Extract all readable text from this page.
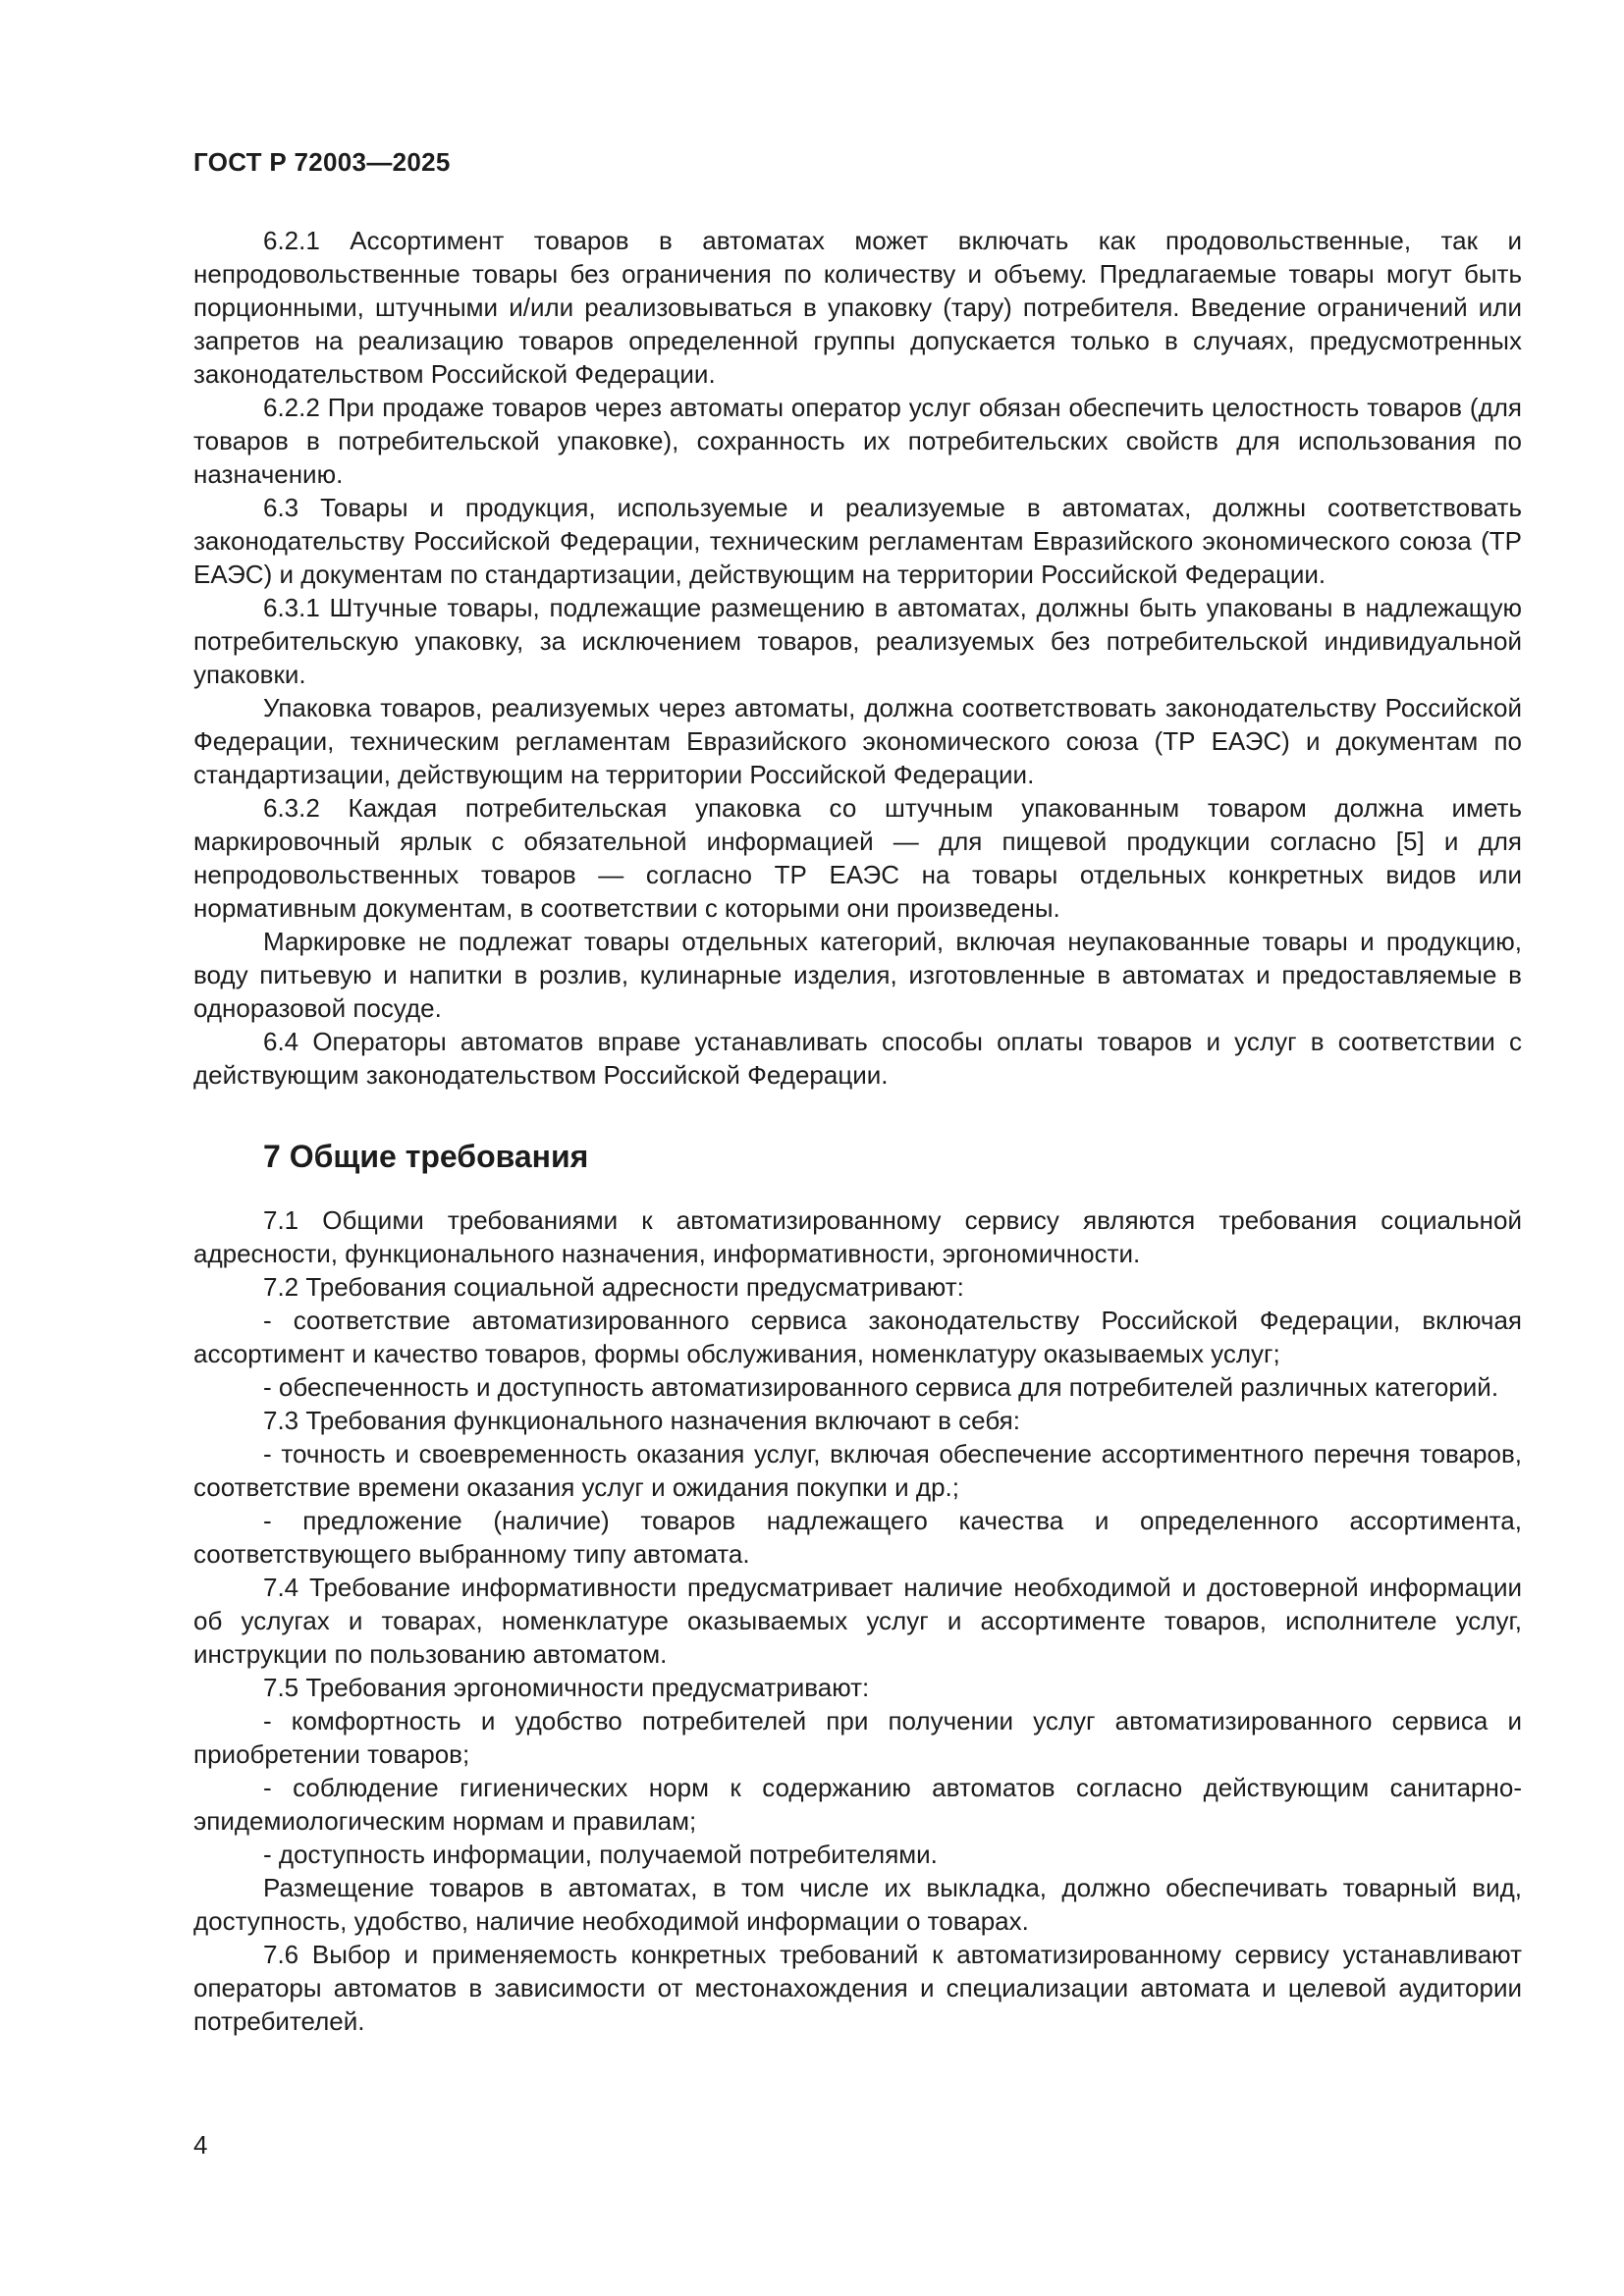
ГОСТ Р 72003—2025

6.2.1 Ассортимент товаров в автоматах может включать как продовольственные, так и непродовольственные товары без ограничения по количеству и объему. Предлагаемые товары могут быть порционными, штучными и/или реализовываться в упаковку (тару) потребителя. Введение ограничений или запретов на реализацию товаров определенной группы допускается только в случаях, предусмотренных законодательством Российской Федерации.

6.2.2 При продаже товаров через автоматы оператор услуг обязан обеспечить целостность товаров (для товаров в потребительской упаковке), сохранность их потребительских свойств для использования по назначению.

6.3 Товары и продукция, используемые и реализуемые в автоматах, должны соответствовать законодательству Российской Федерации, техническим регламентам Евразийского экономического союза (ТР ЕАЭС) и документам по стандартизации, действующим на территории Российской Федерации.

6.3.1 Штучные товары, подлежащие размещению в автоматах, должны быть упакованы в надлежащую потребительскую упаковку, за исключением товаров, реализуемых без потребительской индивидуальной упаковки.

Упаковка товаров, реализуемых через автоматы, должна соответствовать законодательству Российской Федерации, техническим регламентам Евразийского экономического союза (ТР ЕАЭС) и документам по стандартизации, действующим на территории Российской Федерации.

6.3.2 Каждая потребительская упаковка со штучным упакованным товаром должна иметь маркировочный ярлык с обязательной информацией — для пищевой продукции согласно [5] и для непродовольственных товаров — согласно ТР ЕАЭС на товары отдельных конкретных видов или нормативным документам, в соответствии с которыми они произведены.

Маркировке не подлежат товары отдельных категорий, включая неупакованные товары и продукцию, воду питьевую и напитки в розлив, кулинарные изделия, изготовленные в автоматах и предоставляемые в одноразовой посуде.

6.4 Операторы автоматов вправе устанавливать способы оплаты товаров и услуг в соответствии с действующим законодательством Российской Федерации.

7 Общие требования

7.1 Общими требованиями к автоматизированному сервису являются требования социальной адресности, функционального назначения, информативности, эргономичности.

7.2 Требования социальной адресности предусматривают:

- соответствие автоматизированного сервиса законодательству Российской Федерации, включая ассортимент и качество товаров, формы обслуживания, номенклатуру оказываемых услуг;

- обеспеченность и доступность автоматизированного сервиса для потребителей различных категорий.

7.3 Требования функционального назначения включают в себя:

- точность и своевременность оказания услуг, включая обеспечение ассортиментного перечня товаров, соответствие времени оказания услуг и ожидания покупки и др.;

- предложение (наличие) товаров надлежащего качества и определенного ассортимента, соответствующего выбранному типу автомата.

7.4 Требование информативности предусматривает наличие необходимой и достоверной информации об услугах и товарах, номенклатуре оказываемых услуг и ассортименте товаров, исполнителе услуг, инструкции по пользованию автоматом.

7.5 Требования эргономичности предусматривают:

- комфортность и удобство потребителей при получении услуг автоматизированного сервиса и приобретении товаров;

- соблюдение гигиенических норм к содержанию автоматов согласно действующим санитарно-эпидемиологическим нормам и правилам;

- доступность информации, получаемой потребителями.

Размещение товаров в автоматах, в том числе их выкладка, должно обеспечивать товарный вид, доступность, удобство, наличие необходимой информации о товарах.

7.6 Выбор и применяемость конкретных требований к автоматизированному сервису устанавливают операторы автоматов в зависимости от местонахождения и специализации автомата и целевой аудитории потребителей.

4
